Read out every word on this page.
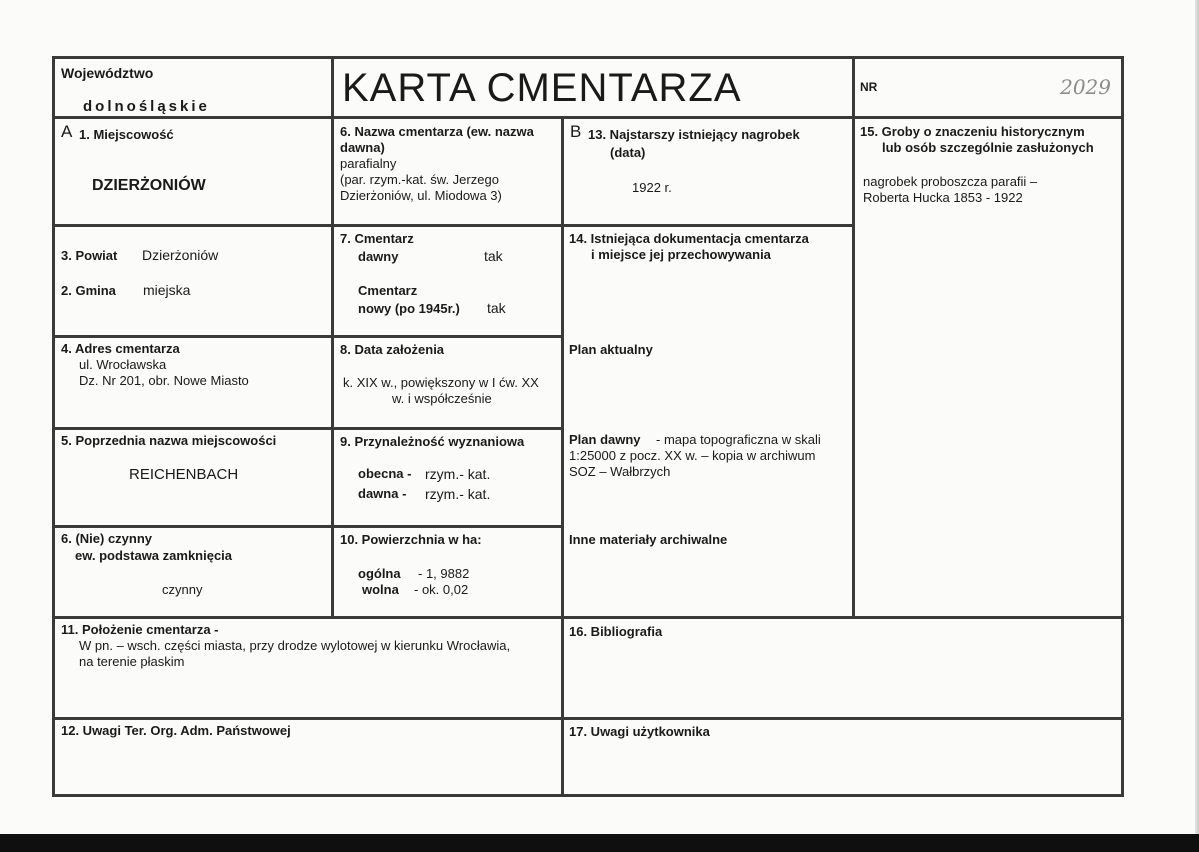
Województwo
dolnośląskie	KARTA CMENTARZA	NR	2029
A 1. Miejscowość
DZIERŻONIÓW
6. Nazwa cmentarza (ew. nazwa dawna)
parafialny
(par. rzym.-kat. św. Jerzego Dzierżoniów, ul. Miodowa 3)
B 13. Najstarszy istniejący nagrobek
(data)
1922 r.
15. Groby o znaczeniu historycznym
lub osób szczególnie zasłużonych
nagrobek proboszcza parafii –
Roberta Hucka 1853 - 1922
3. Powiat Dzierżoniów
2. Gmina miejska
7. Cmentarz
dawny	tak
Cmentarz
nowy (po 1945r.) tak
14. Istniejąca dokumentacja cmentarza
i miejsce jej przechowywania
Plan aktualny
Plan dawny - mapa topograficzna w skali
1:25000 z pocz. XX w. – kopia w archiwum
SOZ – Wałbrzych
Inne materiały archiwalne
4. Adres cmentarza
ul. Wrocławska
Dz. Nr 201, obr. Nowe Miasto
8. Data założenia
k. XIX w., powiększony w I ćw. XX
w. i współcześnie
5. Poprzednia nazwa miejscowości
REICHENBACH
9. Przynależność wyznaniowa
obecna - rzym.- kat.
dawna - rzym.- kat.
6. (Nie) czynny
ew. podstawa zamknięcia
czynny
10. Powierzchnia w ha:
ogólna - 1, 9882
wolna - ok. 0,02
11. Położenie cmentarza -
W pn. – wsch. części miasta, przy drodze wylotowej w kierunku Wrocławia,
na terenie płaskim
16. Bibliografia
12. Uwagi Ter. Org. Adm. Państwowej	17. Uwagi użytkownika
